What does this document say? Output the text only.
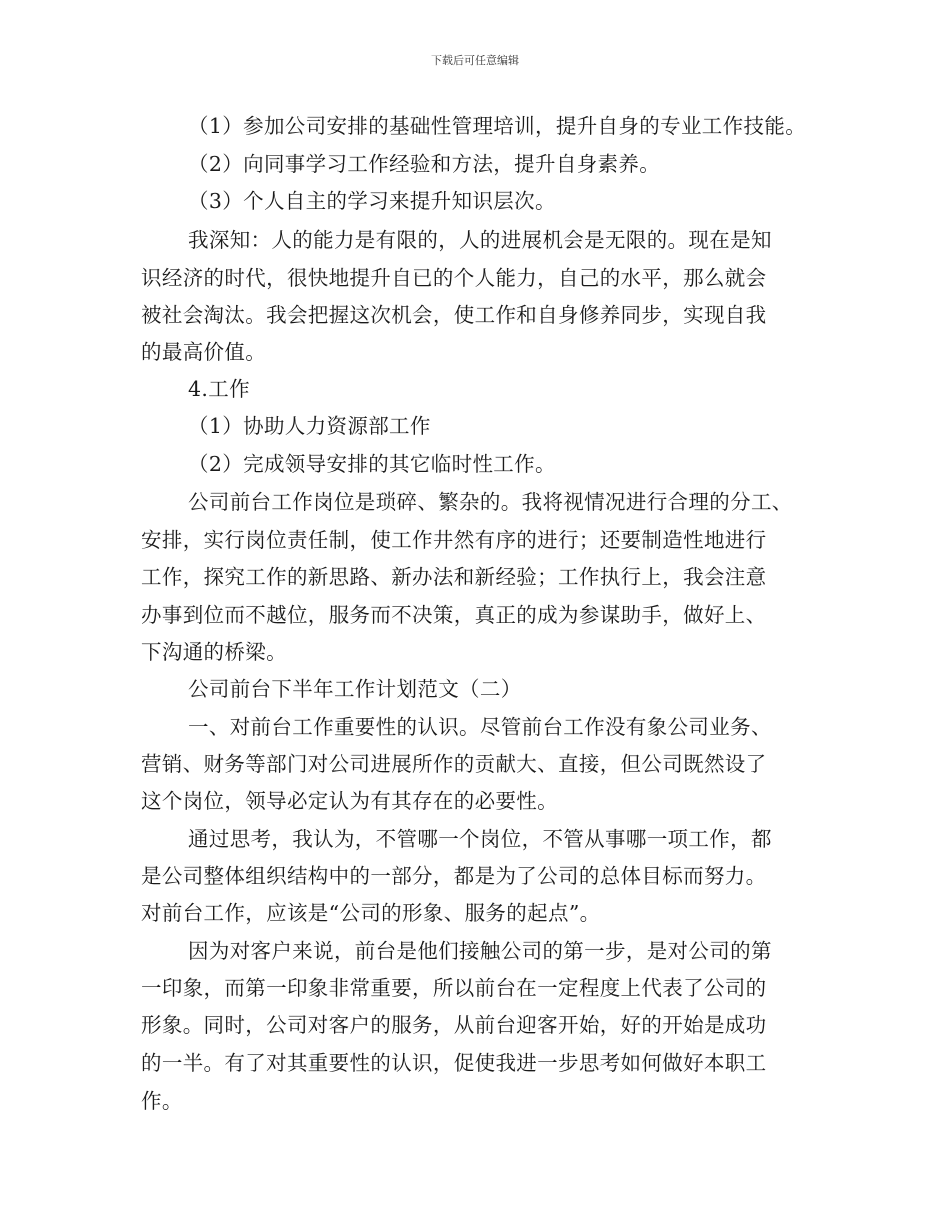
下载后可任意编辑
（1）参加公司安排的基础性管理培训，提升自身的专业工作技能。
（2）向同事学习工作经验和方法，提升自身素养。
（3）个人自主的学习来提升知识层次。
我深知：人的能力是有限的，人的进展机会是无限的。现在是知
识经济的时代，很快地提升自已的个人能力，自己的水平，那么就会
被社会淘汰。我会把握这次机会，使工作和自身修养同步，实现自我
的最高价值。
4.工作
（1）协助人力资源部工作
（2）完成领导安排的其它临时性工作。
公司前台工作岗位是琐碎、繁杂的。我将视情况进行合理的分工、
安排，实行岗位责任制，使工作井然有序的进行；还要制造性地进行
工作，探究工作的新思路、新办法和新经验；工作执行上，我会注意
办事到位而不越位，服务而不决策，真正的成为参谋助手，做好上、
下沟通的桥梁。
公司前台下半年工作计划范文（二）
一、对前台工作重要性的认识。尽管前台工作没有象公司业务、
营销、财务等部门对公司进展所作的贡献大、直接，但公司既然设了
这个岗位，领导必定认为有其存在的必要性。
通过思考，我认为，不管哪一个岗位，不管从事哪一项工作，都
是公司整体组织结构中的一部分，都是为了公司的总体目标而努力。
对前台工作，应该是“公司的形象、服务的起点”。
因为对客户来说，前台是他们接触公司的第一步，是对公司的第
一印象，而第一印象非常重要，所以前台在一定程度上代表了公司的
形象。同时，公司对客户的服务，从前台迎客开始，好的开始是成功
的一半。有了对其重要性的认识，促使我进一步思考如何做好本职工
作。
